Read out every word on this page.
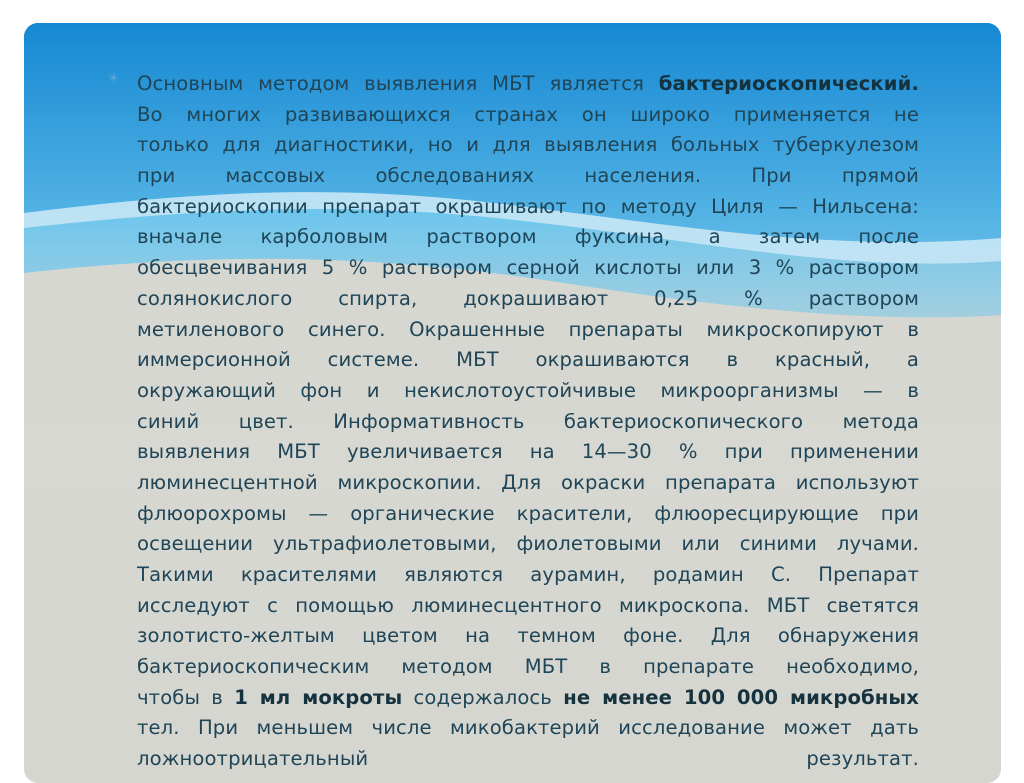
✳ Основным методом выявления МБТ является бактериоскопический.
Во многих развивающихся странах он широко применяется не
только для диагностики, но и для выявления больных туберкулезом
при массовых обследованиях населения. При прямой
бактериоскопии препарат окрашивают по методу Циля — Нильсена:
вначале карболовым раствором фуксина, а затем после
обесцвечивания 5 % раствором серной кислоты или 3 % раствором
солянокислого спирта, докрашивают 0,25 % раствором
метиленового синего. Окрашенные препараты микроскопируют в
иммерсионной системе. МБТ окрашиваются в красный, а
окружающий фон и некислотоустойчивые микроорганизмы — в
синий цвет. Информативность бактериоскопического метода
выявления МБТ увеличивается на 14—30 % при применении
люминесцентной микроскопии. Для окраски препарата используют
флюорохромы — органические красители, флюоресцирующие при
освещении ультрафиолетовыми, фиолетовыми или синими лучами.
Такими красителями являются аурамин, родамин С. Препарат
исследуют с помощью люминесцентного микроскопа. МБТ светятся
золотисто-желтым цветом на темном фоне. Для обнаружения
бактериоскопическим методом МБТ в препарате необходимо,
чтобы в 1 мл мокроты содержалось не менее 100 000 микробных
тел. При меньшем числе микобактерий исследование может дать
ложноотрицательный результат.
